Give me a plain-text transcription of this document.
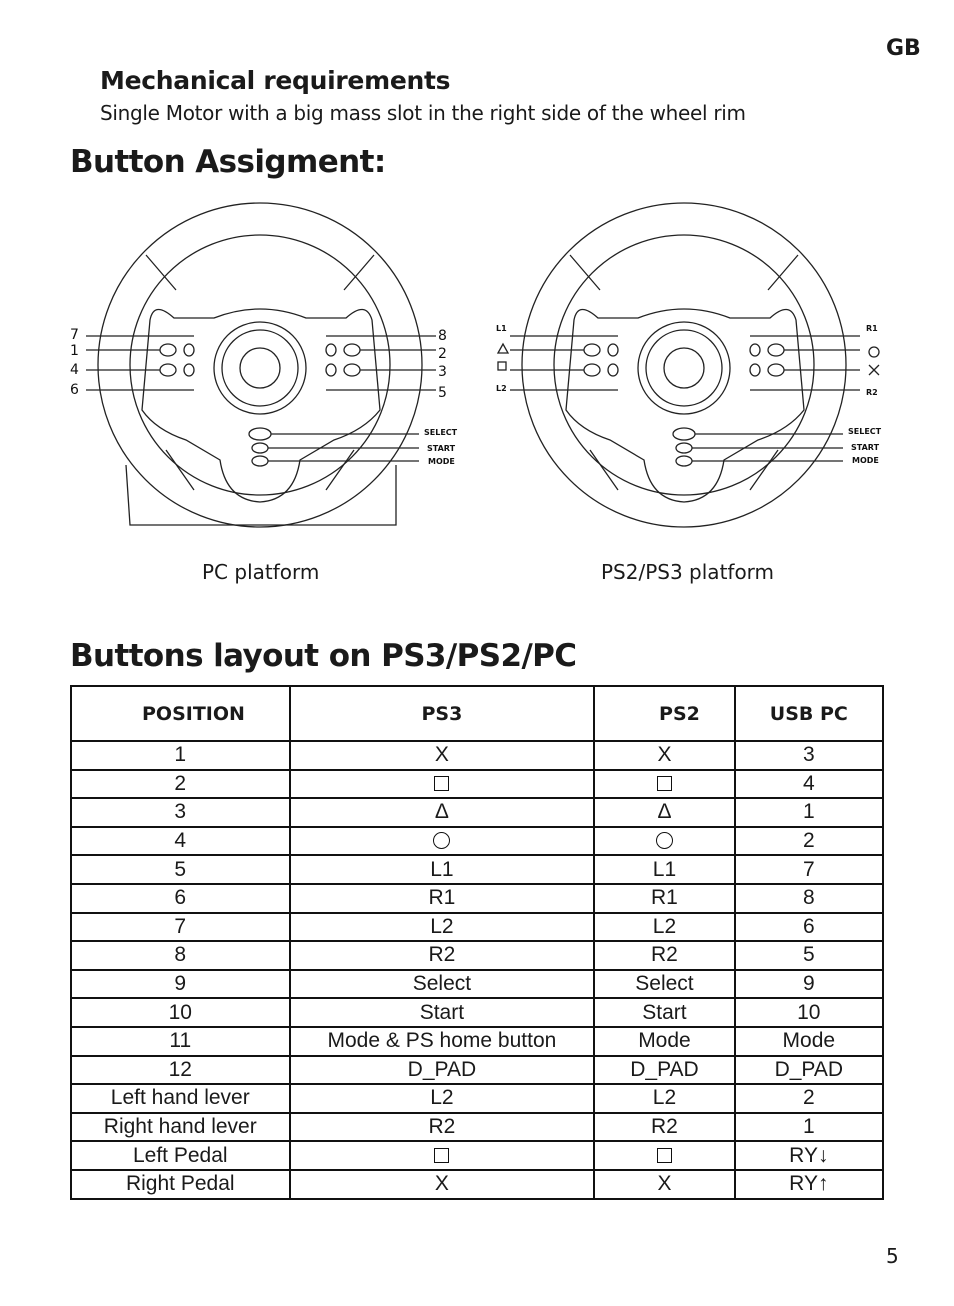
GB
Mechanical requirements
Single Motor with a big mass slot in the right side of the wheel rim
Button Assigment:
7
1
4
6
8
2
3
5
SELECT
START
MODE
L1
L2
R1
R2
SELECT
START
MODE
PC platform	PS2/PS3 platform
Buttons layout on PS3/PS2/PC
POSITION	PS3	PS2	USB PC
1	X	X	3
2			4
3	Δ	Δ	1
4			2
5	L1	L1	7
6	R1	R1	8
7	L2	L2	6
8	R2	R2	5
9	Select	Select	9
10	Start	Start	10
11	Mode & PS home button	Mode	Mode
12	D_PAD	D_PAD	D_PAD
Left hand lever	L2	L2	2
Right hand lever	R2	R2	1
Left Pedal			RY↓
Right Pedal	X	X	RY↑
5
